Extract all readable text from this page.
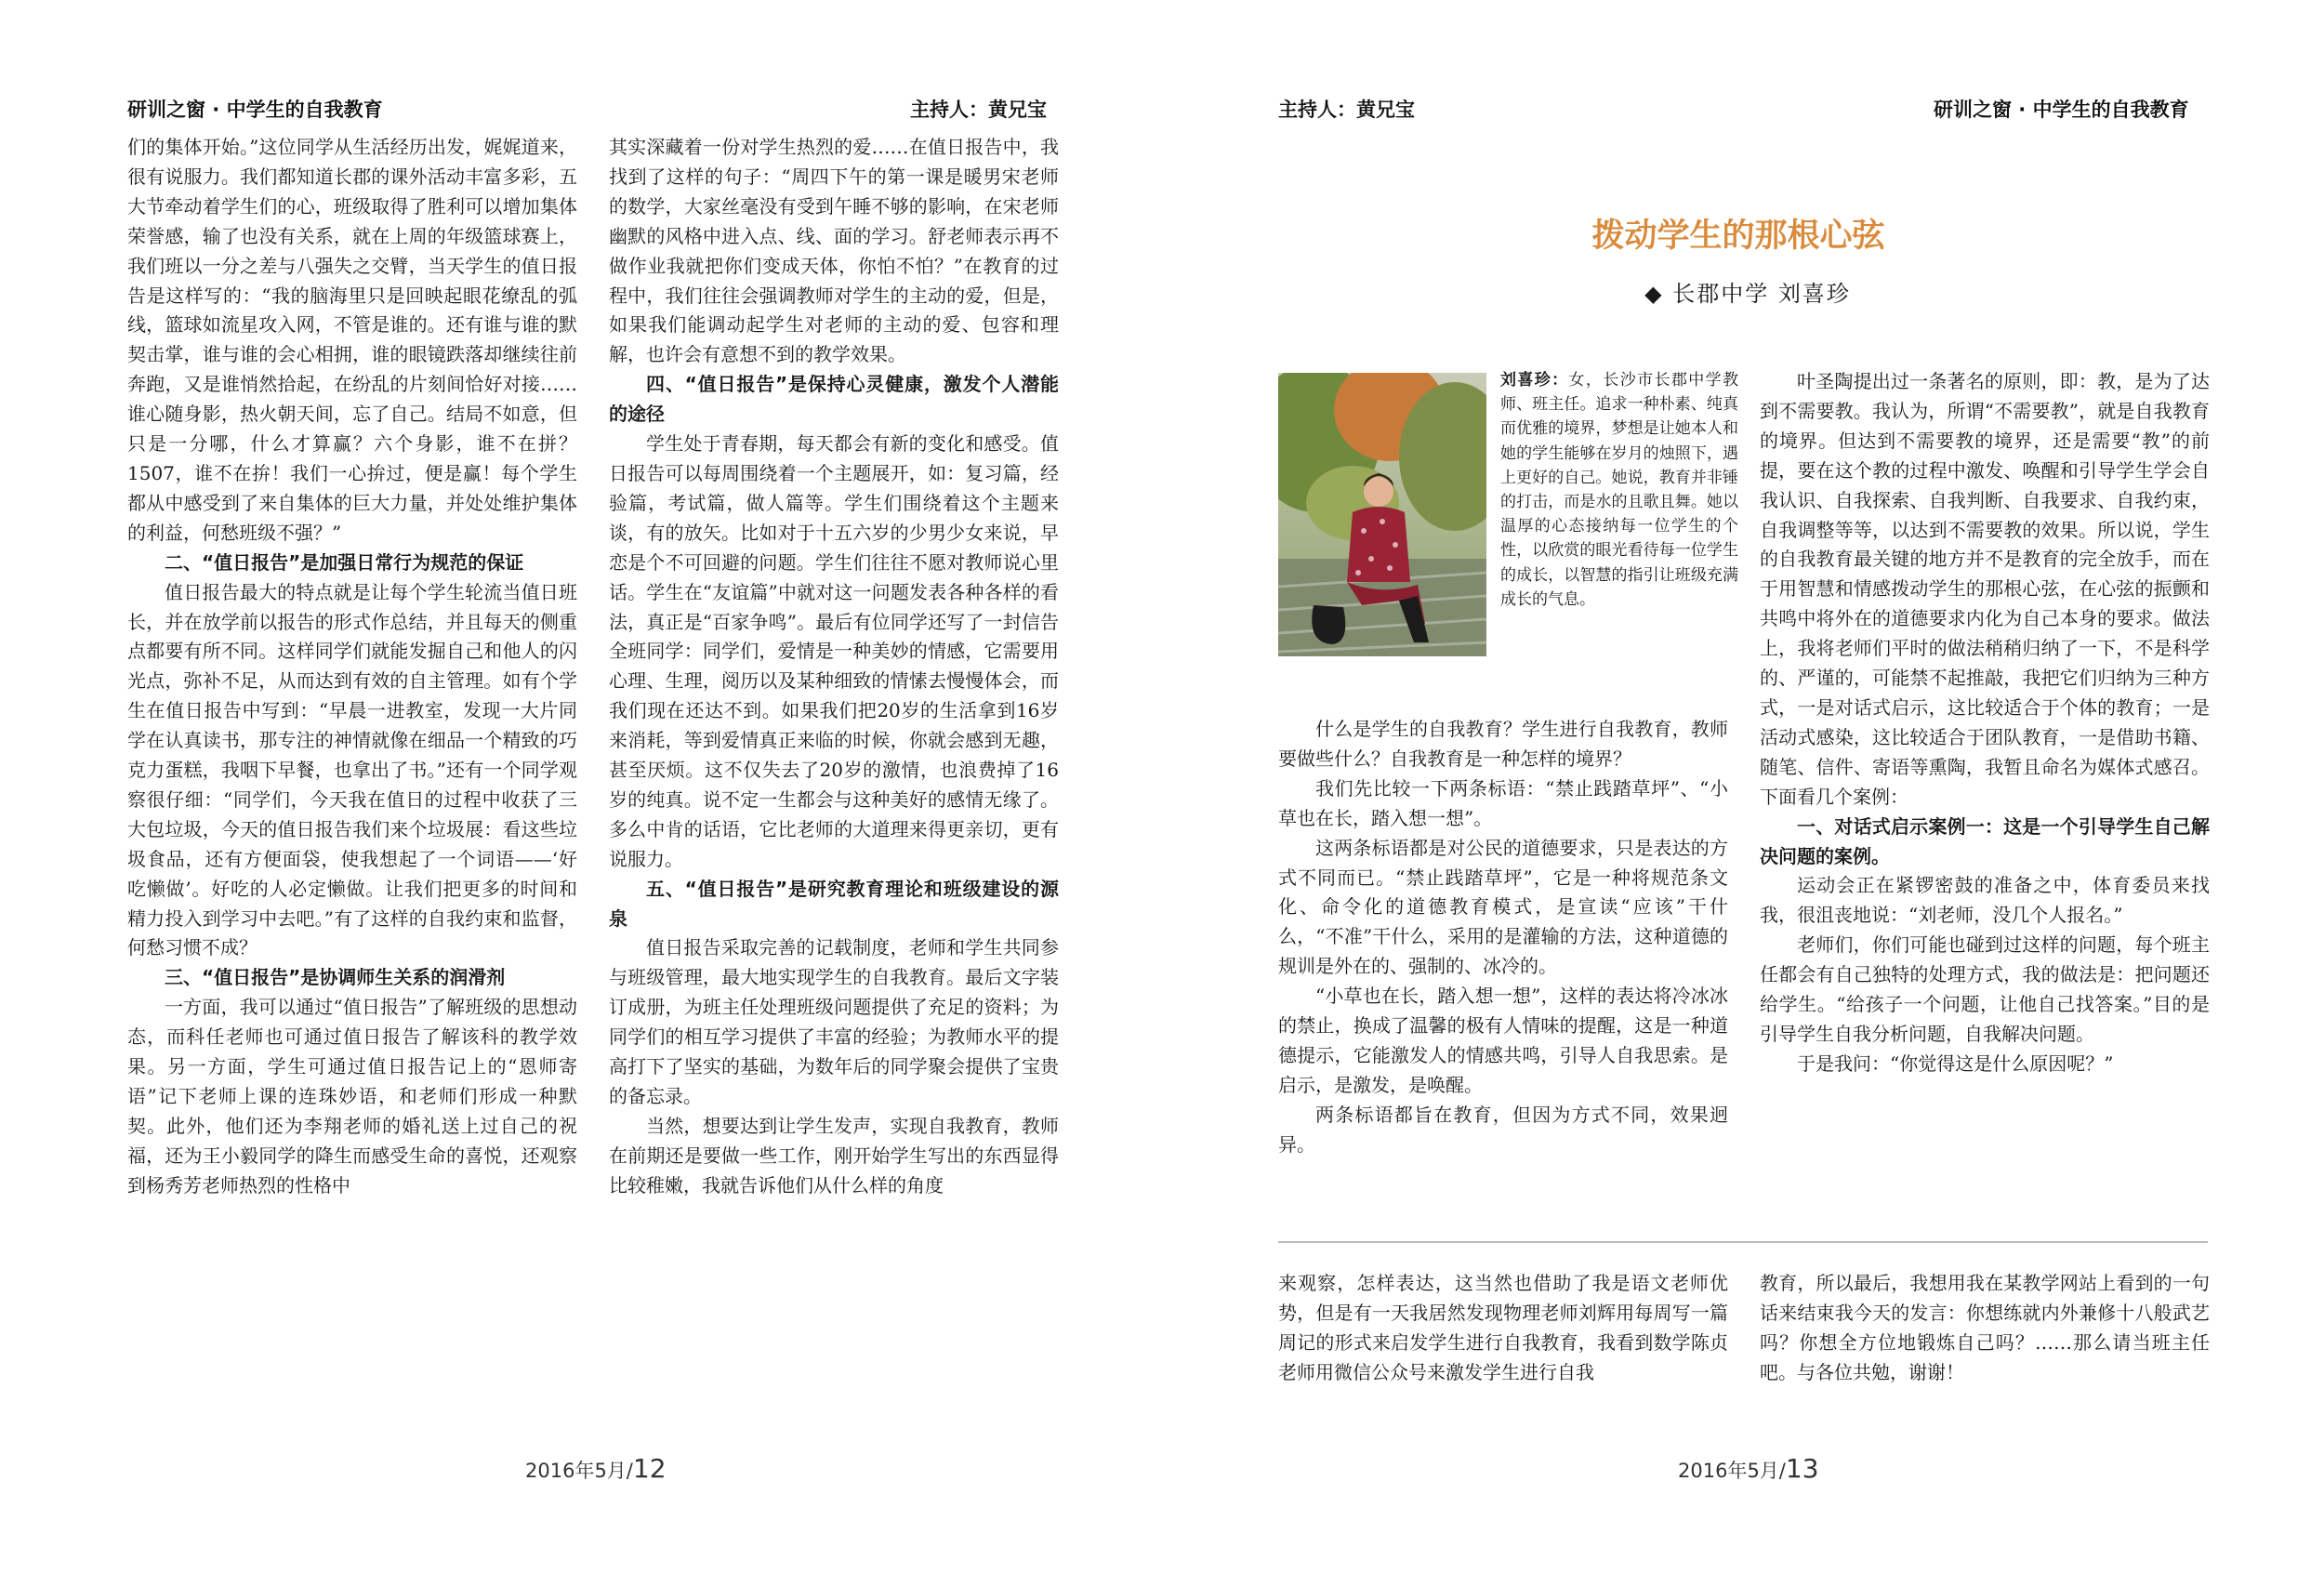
研训之窗 · 中学生的自我教育	主持人：黄兄宝

们的集体开始。”这位同学从生活经历出发，娓娓道来，很有说服力。我们都知道长郡的课外活动丰富多彩，五大节牵动着学生们的心，班级取得了胜利可以增加集体荣誉感，输了也没有关系，就在上周的年级篮球赛上，我们班以一分之差与八强失之交臂，当天学生的值日报告是这样写的：“我的脑海里只是回映起眼花缭乱的弧线，篮球如流星攻入网，不管是谁的。还有谁与谁的默契击掌，谁与谁的会心相拥，谁的眼镜跌落却继续往前奔跑，又是谁悄然拾起，在纷乱的片刻间恰好对接……谁心随身影，热火朝天间，忘了自己。结局不如意，但只是一分哪，什么才算赢？六个身影，谁不在拼？1507，谁不在拚！我们一心拚过，便是赢！每个学生都从中感受到了来自集体的巨大力量，并处处维护集体的利益，何愁班级不强？”

二、“值日报告”是加强日常行为规范的保证

值日报告最大的特点就是让每个学生轮流当值日班长，并在放学前以报告的形式作总结，并且每天的侧重点都要有所不同。这样同学们就能发掘自己和他人的闪光点，弥补不足，从而达到有效的自主管理。如有个学生在值日报告中写到：“早晨一进教室，发现一大片同学在认真读书，那专注的神情就像在细品一个精致的巧克力蛋糕，我咽下早餐，也拿出了书。”还有一个同学观察很仔细：“同学们，今天我在值日的过程中收获了三大包垃圾，今天的值日报告我们来个垃圾展：看这些垃圾食品，还有方便面袋，使我想起了一个词语——‘好吃懒做’。好吃的人必定懒做。让我们把更多的时间和精力投入到学习中去吧。”有了这样的自我约束和监督，何愁习惯不成？

三、“值日报告”是协调师生关系的润滑剂

一方面，我可以通过“值日报告”了解班级的思想动态，而科任老师也可通过值日报告了解该科的教学效果。另一方面，学生可通过值日报告记上的“恩师寄语”记下老师上课的连珠妙语，和老师们形成一种默契。此外，他们还为李翔老师的婚礼送上过自己的祝福，还为王小毅同学的降生而感受生命的喜悦，还观察到杨秀芳老师热烈的性格中

其实深藏着一份对学生热烈的爱……在值日报告中，我找到了这样的句子：“周四下午的第一课是暖男宋老师的数学，大家丝毫没有受到午睡不够的影响，在宋老师幽默的风格中进入点、线、面的学习。舒老师表示再不做作业我就把你们变成天体，你怕不怕？”在教育的过程中，我们往往会强调教师对学生的主动的爱，但是，如果我们能调动起学生对老师的主动的爱、包容和理解，也许会有意想不到的教学效果。

四、“值日报告”是保持心灵健康，激发个人潜能的途径

学生处于青春期，每天都会有新的变化和感受。值日报告可以每周围绕着一个主题展开，如：复习篇，经验篇，考试篇，做人篇等。学生们围绕着这个主题来谈，有的放矢。比如对于十五六岁的少男少女来说，早恋是个不可回避的问题。学生们往往不愿对教师说心里话。学生在“友谊篇”中就对这一问题发表各种各样的看法，真正是“百家争鸣”。最后有位同学还写了一封信告全班同学：同学们，爱情是一种美妙的情感，它需要用心理、生理，阅历以及某种细致的情愫去慢慢体会，而我们现在还达不到。如果我们把20岁的生活拿到16岁来消耗，等到爱情真正来临的时候，你就会感到无趣，甚至厌烦。这不仅失去了20岁的激情，也浪费掉了16岁的纯真。说不定一生都会与这种美好的感情无缘了。多么中肯的话语，它比老师的大道理来得更亲切，更有说服力。

五、“值日报告”是研究教育理论和班级建设的源泉

值日报告采取完善的记载制度，老师和学生共同参与班级管理，最大地实现学生的自我教育。最后文字装订成册，为班主任处理班级问题提供了充足的资料；为同学们的相互学习提供了丰富的经验；为教师水平的提高打下了坚实的基础，为数年后的同学聚会提供了宝贵的备忘录。

当然，想要达到让学生发声，实现自我教育，教师在前期还是要做一些工作，刚开始学生写出的东西显得比较稚嫩，我就告诉他们从什么样的角度

2016年5月/12
主持人：黄兄宝	研训之窗 · 中学生的自我教育
拨动学生的那根心弦
◆ 长郡中学 刘喜珍
刘喜珍：女，长沙市长郡中学教师、班主任。追求一种朴素、纯真而优雅的境界，梦想是让她本人和她的学生能够在岁月的烛照下，遇上更好的自己。她说，教育并非锤的打击，而是水的且歌且舞。她以温厚的心态接纳每一位学生的个性，以欣赏的眼光看待每一位学生的成长，以智慧的指引让班级充满成长的气息。

什么是学生的自我教育？学生进行自我教育，教师要做些什么？自我教育是一种怎样的境界？

我们先比较一下两条标语：“禁止践踏草坪”、“小草也在长，踏入想一想”。

这两条标语都是对公民的道德要求，只是表达的方式不同而已。“禁止践踏草坪”，它是一种将规范条文化、命令化的道德教育模式，是宣读“应该”干什么，“不准”干什么，采用的是灌输的方法，这种道德的规训是外在的、强制的、冰冷的。

“小草也在长，踏入想一想”，这样的表达将冷冰冰的禁止，换成了温馨的极有人情味的提醒，这是一种道德提示，它能激发人的情感共鸣，引导人自我思索。是启示，是激发，是唤醒。

两条标语都旨在教育，但因为方式不同，效果迥异。

叶圣陶提出过一条著名的原则，即：教，是为了达到不需要教。我认为，所谓“不需要教”，就是自我教育的境界。但达到不需要教的境界，还是需要“教”的前提，要在这个教的过程中激发、唤醒和引导学生学会自我认识、自我探索、自我判断、自我要求、自我约束，自我调整等等，以达到不需要教的效果。所以说，学生的自我教育最关键的地方并不是教育的完全放手，而在于用智慧和情感拨动学生的那根心弦，在心弦的振颤和共鸣中将外在的道德要求内化为自己本身的要求。做法上，我将老师们平时的做法稍稍归纳了一下，不是科学的、严谨的，可能禁不起推敲，我把它们归纳为三种方式，一是对话式启示，这比较适合于个体的教育；一是活动式感染，这比较适合于团队教育，一是借助书籍、随笔、信件、寄语等熏陶，我暂且命名为媒体式感召。下面看几个案例：

一、对话式启示案例一：这是一个引导学生自己解决问题的案例。

运动会正在紧锣密鼓的准备之中，体育委员来找我，很沮丧地说：“刘老师，没几个人报名。”

老师们，你们可能也碰到过这样的问题，每个班主任都会有自己独特的处理方式，我的做法是：把问题还给学生。“给孩子一个问题，让他自己找答案。”目的是引导学生自我分析问题，自我解决问题。

于是我问：“你觉得这是什么原因呢？”

来观察，怎样表达，这当然也借助了我是语文老师优势，但是有一天我居然发现物理老师刘辉用每周写一篇周记的形式来启发学生进行自我教育，我看到数学陈贞老师用微信公众号来激发学生进行自我

教育，所以最后，我想用我在某教学网站上看到的一句话来结束我今天的发言：你想练就内外兼修十八般武艺吗？你想全方位地锻炼自己吗？……那么请当班主任吧。与各位共勉，谢谢！

2016年5月/13
